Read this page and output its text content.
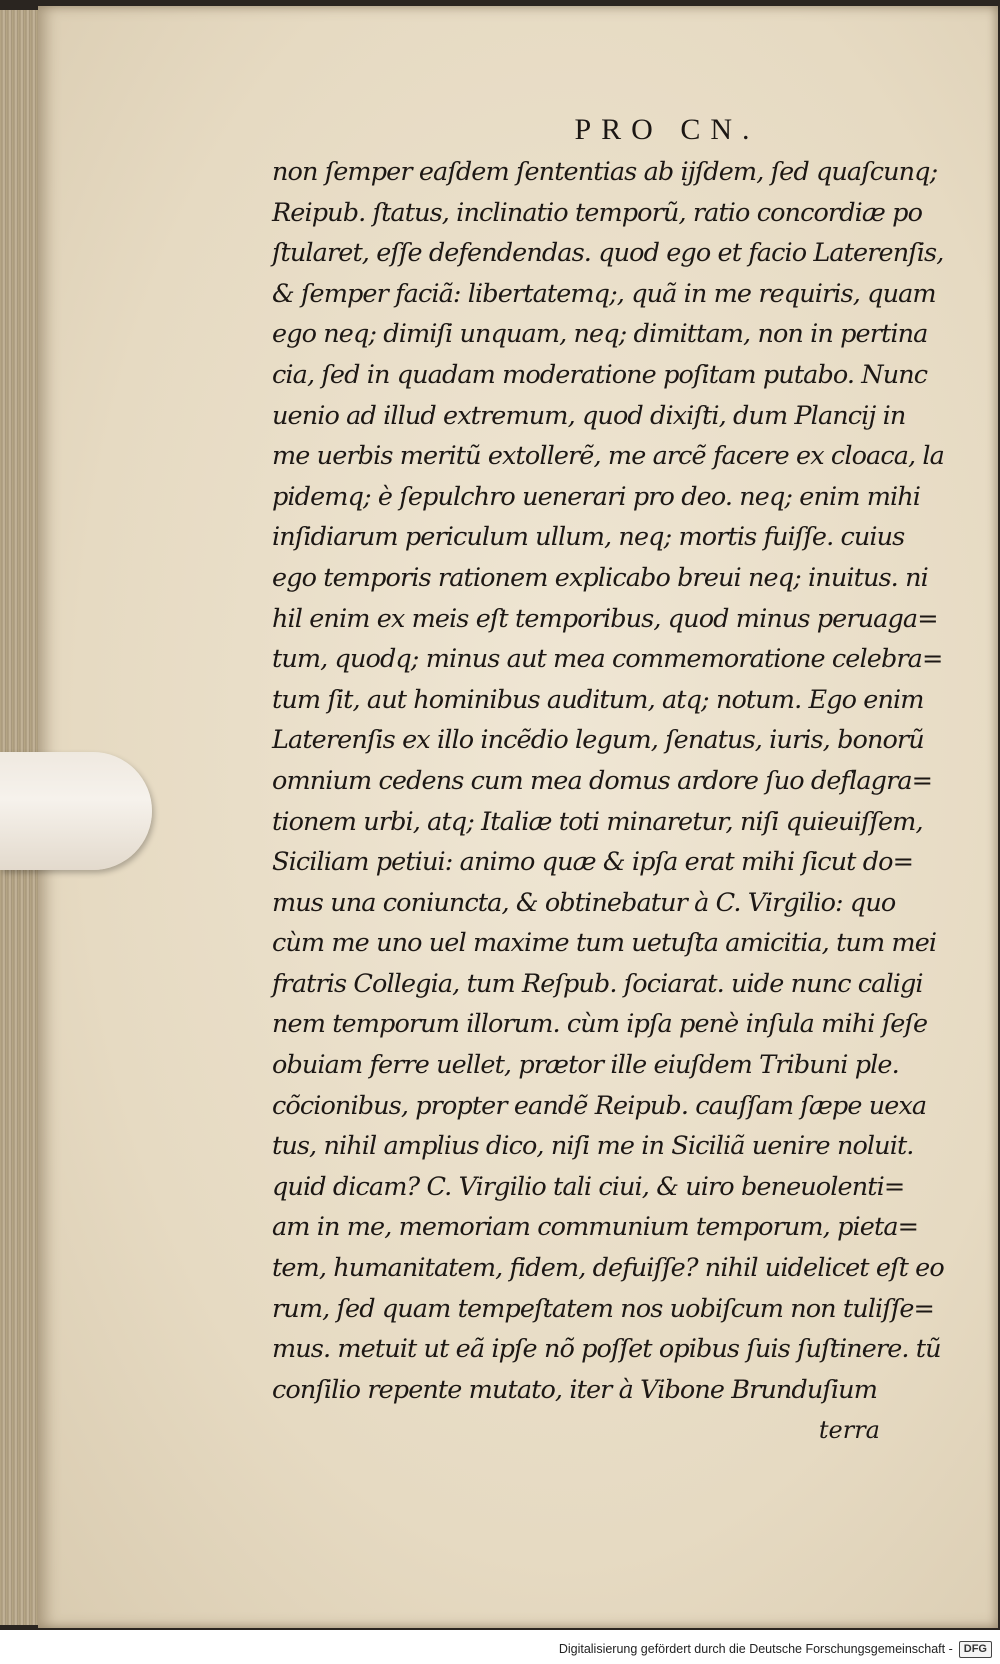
PRO CN.
non ſemper eaſdem ſententias ab ijſdem, ſed quaſcunq;
Reipub. ſtatus, inclinatio temporũ, ratio concordiæ po
ſtularet, eſſe defendendas. quod ego et facio Laterenſis,
& ſemper faciã: libertatemq;, quã in me requiris, quam
ego neq; dimiſi unquam, neq; dimittam, non in pertina
cia, ſed in quadam moderatione poſitam putabo. Nunc
uenio ad illud extremum, quod dixiſti, dum Plancij in
me uerbis meritũ extollerẽ, me arcẽ facere ex cloaca, la
pidemq; è ſepulchro uenerari pro deo. neq; enim mihi
inſidiarum periculum ullum, neq; mortis fuiſſe. cuius
ego temporis rationem explicabo breui neq; inuitus. ni
hil enim ex meis eſt temporibus, quod minus peruaga=
tum, quodq; minus aut mea commemoratione celebra=
tum ſit, aut hominibus auditum, atq; notum. Ego enim
Laterenſis ex illo incẽdio legum, ſenatus, iuris, bonorũ
omnium cedens cum mea domus ardore ſuo deflagra=
tionem urbi, atq; Italiæ toti minaretur, niſi quieuiſſem,
Siciliam petiui: animo quæ & ipſa erat mihi ſicut do=
mus una coniuncta, & obtinebatur à C. Virgilio: quo
cùm me uno uel maxime tum uetuſta amicitia, tum mei
fratris Collegia, tum Reſpub. ſociarat. uide nunc caligi
nem temporum illorum. cùm ipſa penè inſula mihi ſeſe
obuiam ferre uellet, prætor ille eiuſdem Tribuni ple.
cõcionibus, propter eandẽ Reipub. cauſſam ſæpe uexa
tus, nihil amplius dico, niſi me in Siciliã uenire noluit.
quid dicam? C. Virgilio tali ciui, & uiro beneuolenti=
am in me, memoriam communium temporum, pieta=
tem, humanitatem, fidem, defuiſſe? nihil uidelicet eſt eo
rum, ſed quam tempeſtatem nos uobiſcum non tuliſſe=
mus. metuit ut eã ipſe nõ poſſet opibus ſuis ſuſtinere. tũ
conſilio repente mutato, iter à Vibone Brunduſium
terra
Digitalisierung gefördert durch die Deutsche Forschungsgemeinschaft -	DFG
